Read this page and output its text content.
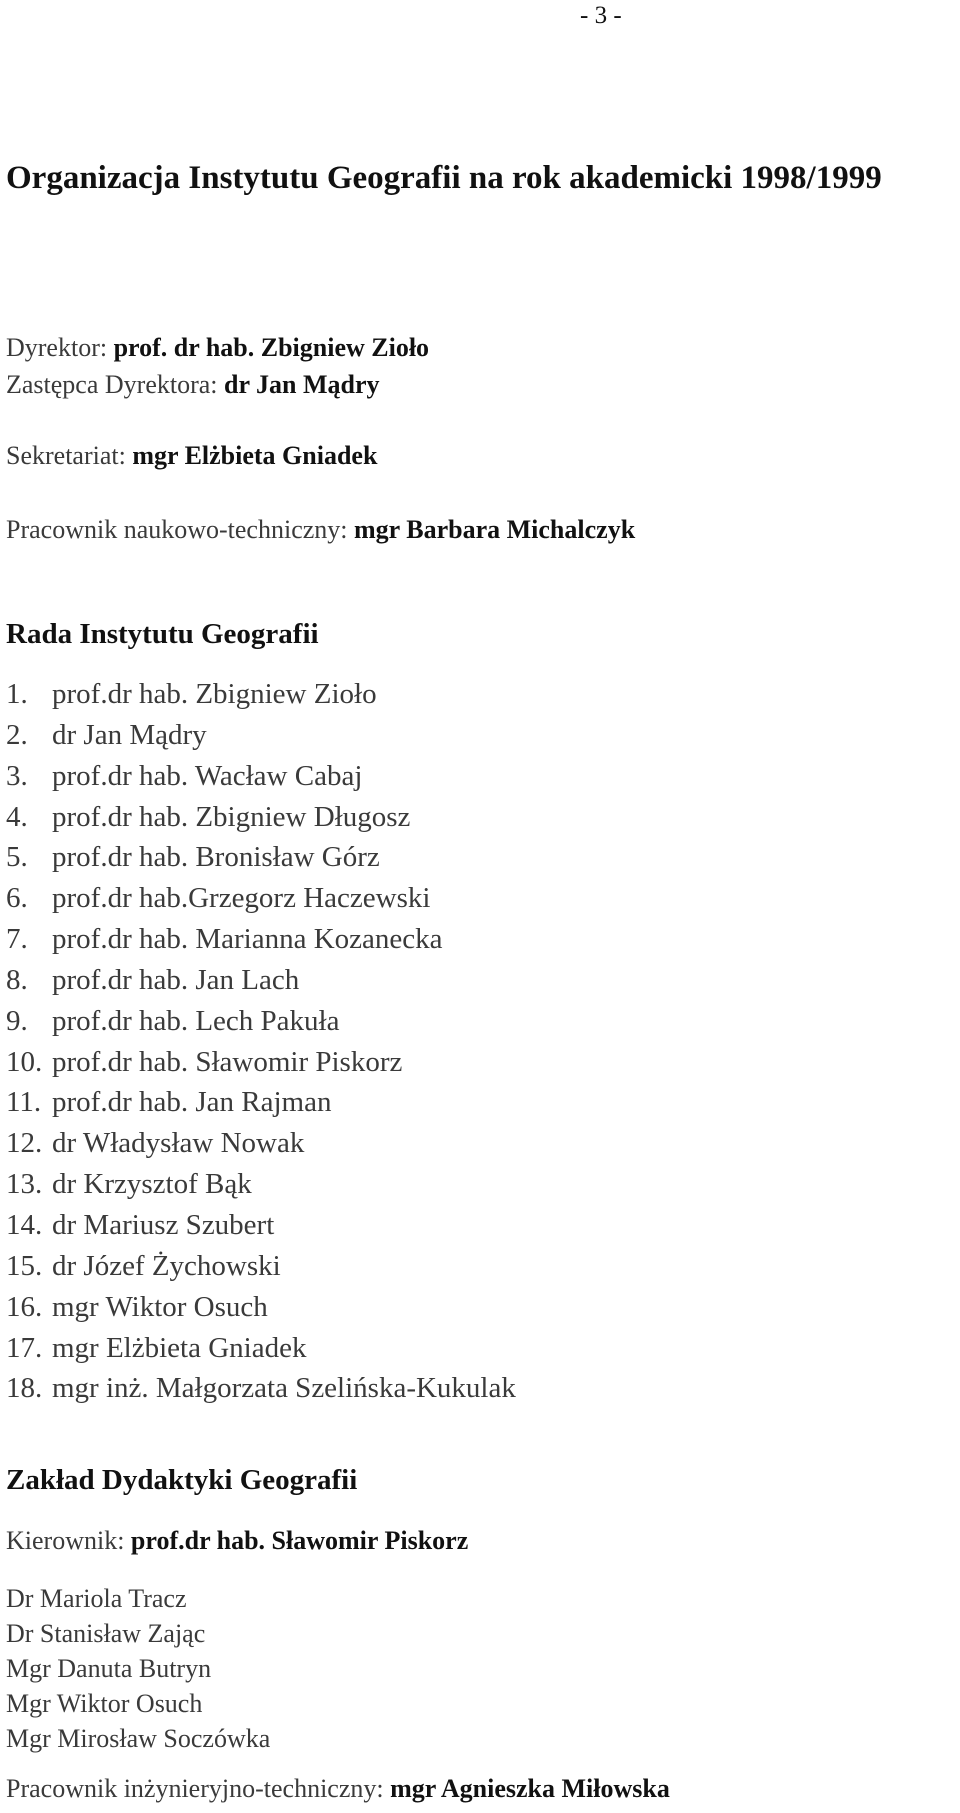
- 3 -
Organizacja Instytutu Geografii na rok akademicki 1998/1999
Dyrektor: prof. dr hab. Zbigniew Zioło
Zastępca Dyrektora: dr Jan Mądry
Sekretariat: mgr Elżbieta Gniadek
Pracownik naukowo-techniczny: mgr Barbara Michalczyk
Rada Instytutu Geografii
1. prof.dr hab. Zbigniew Zioło
2. dr Jan Mądry
3. prof.dr hab. Wacław Cabaj
4. prof.dr hab. Zbigniew Długosz
5. prof.dr hab. Bronisław Górz
6. prof.dr hab.Grzegorz Haczewski
7. prof.dr hab. Marianna Kozanecka
8. prof.dr hab. Jan Lach
9. prof.dr hab. Lech Pakuła
10. prof.dr hab. Sławomir Piskorz
11. prof.dr hab. Jan Rajman
12. dr Władysław Nowak
13. dr Krzysztof Bąk
14. dr Mariusz Szubert
15. dr Józef Żychowski
16. mgr Wiktor Osuch
17. mgr Elżbieta Gniadek
18. mgr inż. Małgorzata Szelińska-Kukulak
Zakład Dydaktyki Geografii
Kierownik: prof.dr hab. Sławomir Piskorz
Dr Mariola Tracz
Dr Stanisław Zając
Mgr Danuta Butryn
Mgr Wiktor Osuch
Mgr Mirosław Soczówka
Pracownik inżynieryjno-techniczny: mgr Agnieszka Miłowska
